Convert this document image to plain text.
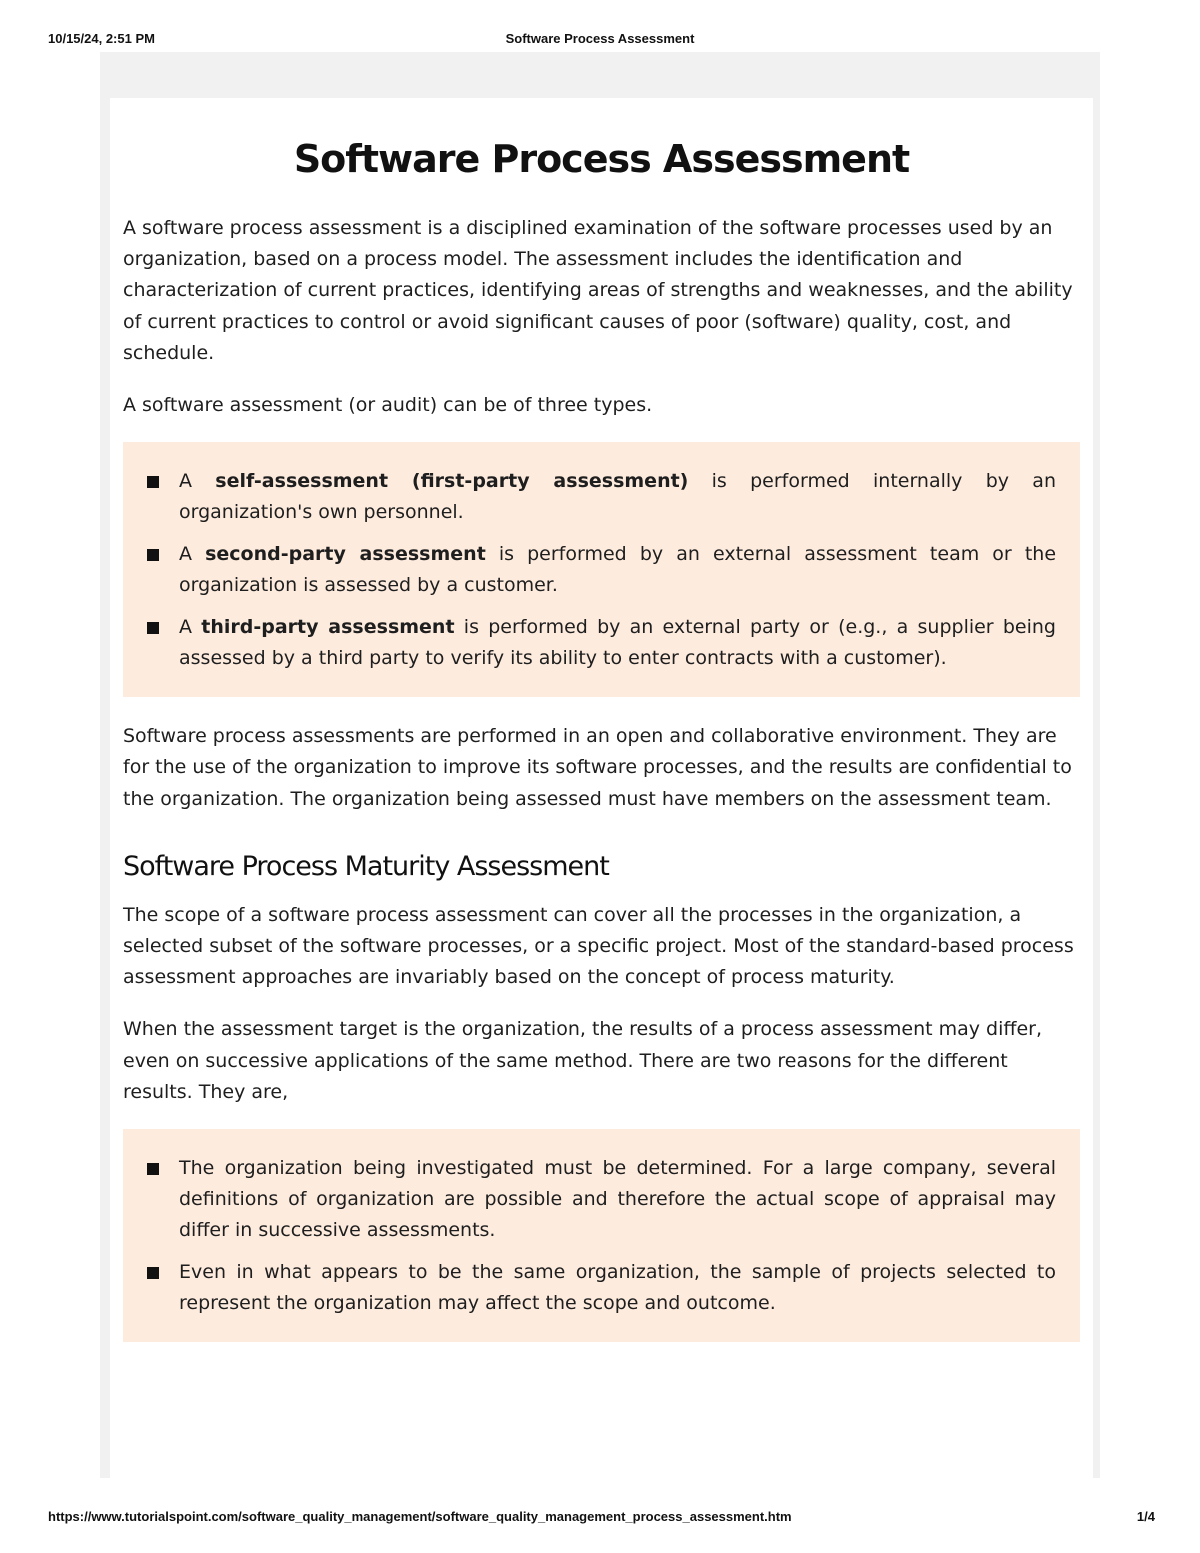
10/15/24, 2:51 PM	Software Process Assessment
Software Process Assessment

A software process assessment is a disciplined examination of the software processes used by an organization, based on a process model. The assessment includes the identification and characterization of current practices, identifying areas of strengths and weaknesses, and the ability of current practices to control or avoid significant causes of poor (software) quality, cost, and schedule.

A software assessment (or audit) can be of three types.

A self-assessment (first-party assessment) is performed internally by an organization's own personnel.
A second-party assessment is performed by an external assessment team or the organization is assessed by a customer.
A third-party assessment is performed by an external party or (e.g., a supplier being assessed by a third party to verify its ability to enter contracts with a customer).

Software process assessments are performed in an open and collaborative environment. They are for the use of the organization to improve its software processes, and the results are confidential to the organization. The organization being assessed must have members on the assessment team.

Software Process Maturity Assessment

The scope of a software process assessment can cover all the processes in the organization, a selected subset of the software processes, or a specific project. Most of the standard-based process assessment approaches are invariably based on the concept of process maturity.

When the assessment target is the organization, the results of a process assessment may differ, even on successive applications of the same method. There are two reasons for the different results. They are,

The organization being investigated must be determined. For a large company, several definitions of organization are possible and therefore the actual scope of appraisal may differ in successive assessments.
Even in what appears to be the same organization, the sample of projects selected to represent the organization may affect the scope and outcome.
https://www.tutorialspoint.com/software_quality_management/software_quality_management_process_assessment.htm	1/4
